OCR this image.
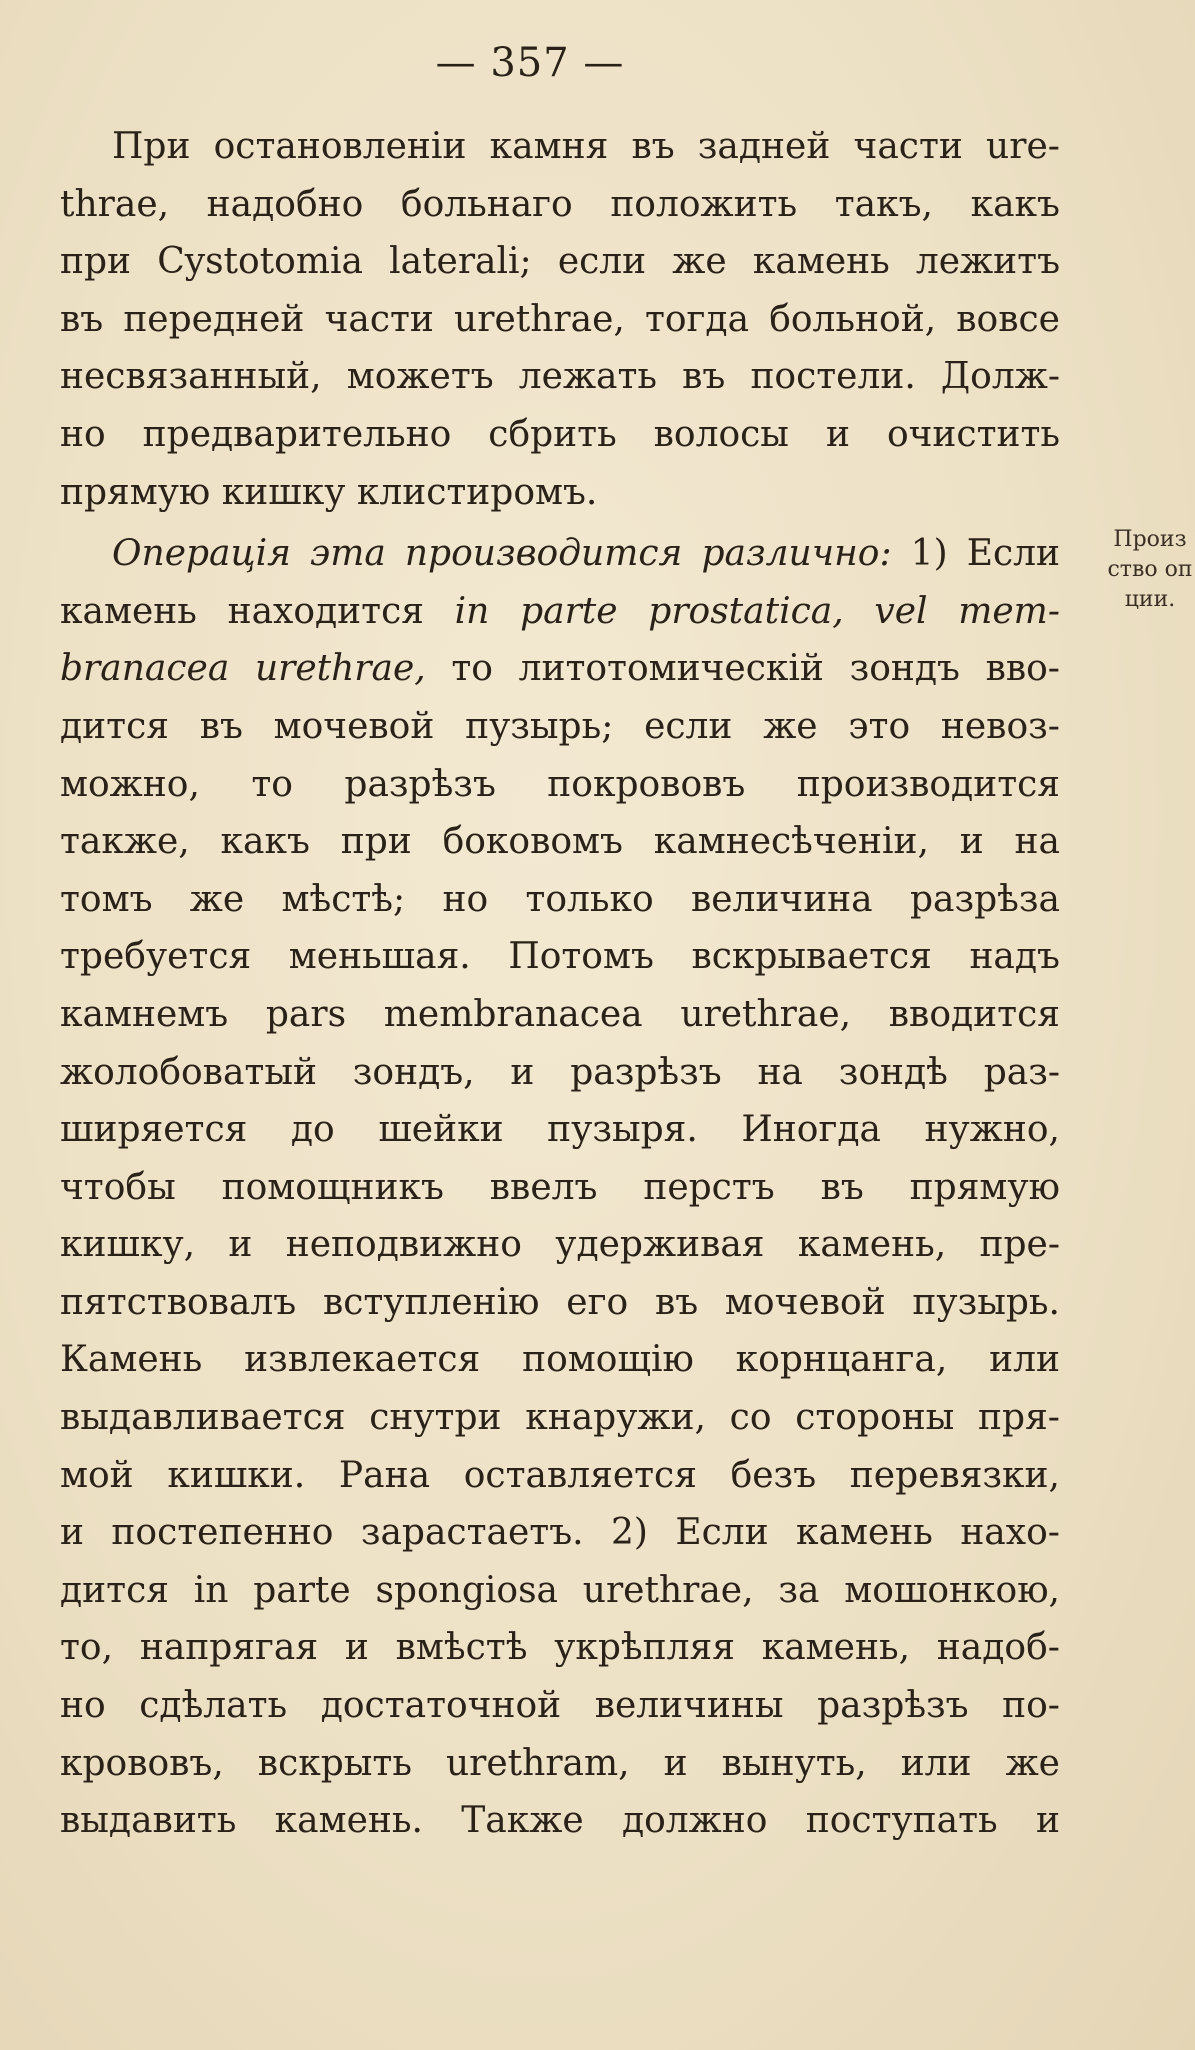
— 357 —
При остановленіи камня въ задней части ure-
thrae, надобно больнаго положить такъ, какъ
при Cystotomia laterali; если же камень лежитъ
въ передней части urethrae, тогда больной, вовсе
несвязанный, можетъ лежать въ постели. Долж-
но предварительно сбрить волосы и очистить
прямую
кишку
клистиромъ.
Операція эта производится различно: 1) Если
камень находится in parte prostatica, vel mem-
branacea urethrae, то литотомическій зондъ вво-
дится въ мочевой пузырь; если же это невоз-
можно, то разрѣзъ покрововъ производится
также, какъ при боковомъ камнесѣченіи, и на
томъ же мѣстѣ; но только величина разрѣза
требуется меньшая. Потомъ вскрывается надъ
камнемъ pars membranacea urethrae, вводится
жолобоватый зондъ, и разрѣзъ на зондѣ раз-
ширяется до шейки пузыря. Иногда нужно,
чтобы помощникъ ввелъ перстъ въ прямую
кишку, и неподвижно удерживая камень, пре-
пятствовалъ вступленію его въ мочевой пузырь.
Камень извлекается помощію корнцанга, или
выдавливается снутри кнаружи, со стороны пря-
мой кишки. Рана оставляется безъ перевязки,
и постепенно зарастаетъ. 2) Если камень нахо-
дится in parte spongiosa urethrae, за мошонкою,
то, напрягая и вмѣстѣ укрѣпляя камень, надоб-
но сдѣлать достаточной величины разрѣзъ по-
крововъ, вскрыть urethram, и вынуть, или же
выдавить камень. Также должно поступать и
Произ
ство оп
ции.
